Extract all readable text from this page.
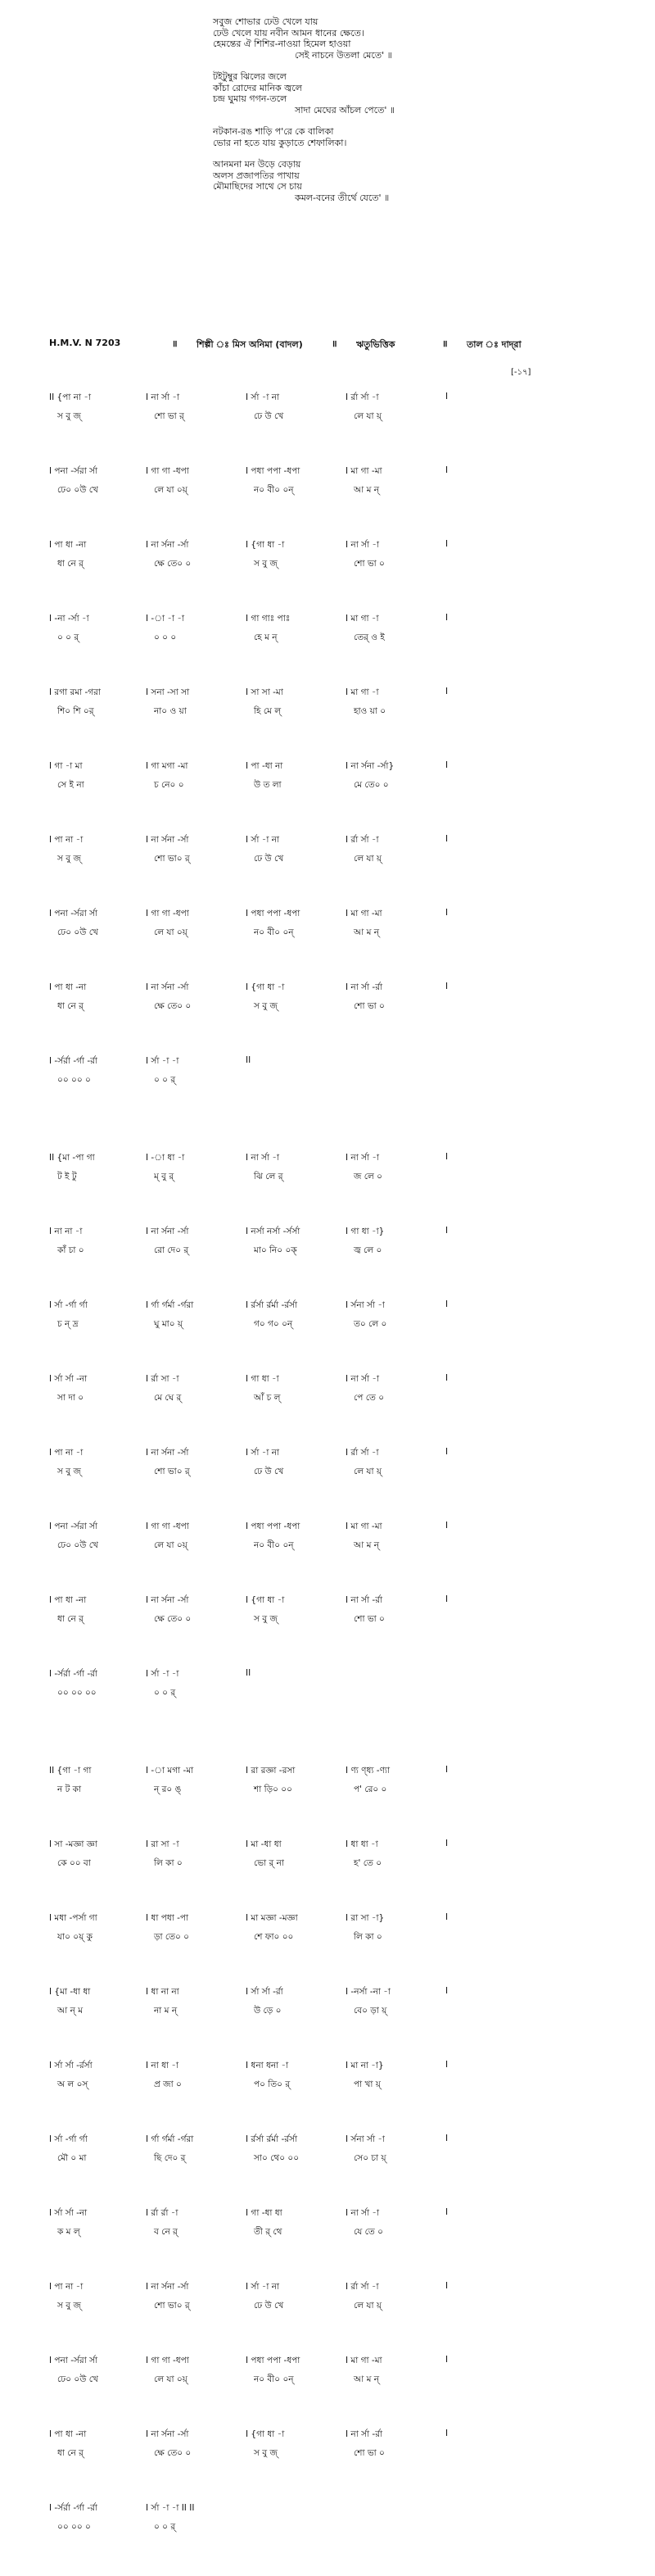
সবুজ শোভার ঢেউ খেলে যায়
ঢেউ খেলে যায় নবীন আমন ধানের ক্ষেতে।
হেমন্তের ঐ শিশির-নাওয়া হিমেল হাওয়া
সেই নাচনে উতলা মেতে' ॥
টইটুম্বুর ঝিলের জলে
কাঁচা রোদের মানিক জ্বলে
চন্দ্র ঘুমায় গগন-তলে
সাদা মেঘের আঁচল পেতে' ॥
নটকান-রঙ শাড়ি প'রে কে বালিকা
ভোর না হতে যায় কুড়াতে শেফালিকা।
আনমনা মন উড়ে বেড়ায়
অলস প্রজাপতির পাখায়
মৌমাছিদের সাথে সে চায়
কমল-বনের তীর্থে যেতে' ॥
H.M.V. N 7203	॥ শিল্পী ঃ মিস অনিমা (বাদল)	॥ ঋতুভিত্তিক	॥ তাল ঃ দাদ্‌রা
[-১৭]
II {পা না -া	I না র্সা -া	I র্সা -া না	I র্রা র্সা -া	I
স বু জ্	শো ভা র্	ঢে উ খে	লে যা য়্
I পনা -র্সরা র্সা	I গা গা -ধপা	I পধা পপা -ধপা	I মা গা -মা	I
ঢে০ ০উ খে	লে যা ০য়্	ন০ বী০ ০ন্	আ ম ন্
I পা ধা -না	I না র্সনা -র্সা	I {গা ধা -া	I না র্সা -া	I
ধা নে র্	ক্ষে তে০ ০	স বু জ্	শো ভা ০
I -না -র্সা -া	I -া -া -া	I গা গাঃ পাঃ	I মা গা -া	I
০ ০ র্	০ ০ ০	হে ম ন্	তের্ ও ই
I রগা রমা -গরা	I সনা -সা সা	I সা সা -মা	I মা গা -া	I
শি০ শি ০র্	না০ ও য়া	হি মে ল্	হাও য়া ০
I গা -া মা	I গা মগা -মা	I পা -ধা না	I না র্সনা -র্সা}	I
সে ই না	চ নে০ ০	উ ত লা	মে তে০ ০
I পা না -া	I না র্সনা -র্সা	I র্সা -া না	I র্রা র্সা -া	I
স বু জ্	শো ভা০ র্	ঢে উ খে	লে যা য়্
I পনা -র্সরা র্সা	I গা গা -ধপা	I পধা পপা -ধপা	I মা গা -মা	I
ঢে০ ০উ খে	লে যা ০য়্	ন০ বী০ ০ন্	আ ম ন্
I পা ধা -না	I না র্সনা -র্সা	I {গা ধা -া	I না র্সা -র্রা	I
ধা নে র্	ক্ষে তে০ ০	স বু জ্	শো ভা ০
I -র্সর্রা -র্গা -র্রা	I র্সা -া -া	II
০০ ০০ ০	০ ০ র্
II {মা -পা গা	I -া ধা -া	I না র্সা -া	I না র্সা -া	I
ট ই টু	ম্ বু র্	ঝি লে র্	জ লে ০
I না না -া	I না র্সনা -র্সা	I নর্সা নর্সা -র্সর্সা	I গা ধা -া}	I
কাঁ চা ০	রো দে০ র্	মা০ নি০ ০ক্	জ্ব লে ০
I র্সা -র্গা র্গা	I র্গা র্গর্মা -র্গরা	I র্রর্সা র্রর্মা -র্রর্সা	I র্সনা র্সা -া	I
চ ন্ দ্র	ঘু মা০ য়্	গ০ গ০ ০ন্	ত০ লে ০
I র্সা র্সা -না	I র্রা সা -া	I গা ধা -া	I না র্সা -া	I
সা দা ০	মে ঘে র্	আঁ চ ল্	পে তে ০
I পা না -া	I না র্সনা -র্সা	I র্সা -া না	I র্রা র্সা -া	I
স বু জ্	শো ভা০ র্	ঢে উ খে	লে যা য়্
I পনা -র্সরা র্সা	I গা গা -ধপা	I পধা পপা -ধপা	I মা গা -মা	I
ঢে০ ০উ খে	লে যা ০য়্	ন০ বী০ ০ন্	আ ম ন্
I পা ধা -না	I না র্সনা -র্সা	I {গা ধা -া	I না র্সা -র্রা	I
ধা নে র্	ক্ষে তে০ ০	স বু জ্	শো ভা ০
I -র্সর্রা -র্গা -র্রা	I র্সা -া -া	II
০০ ০০ ০০	০ ০ র্
II {গা -া গা	I -া মগা -মা	I রা রজ্ঞা -রসা	I ণ্য ণ্ধ্য -ণ্যা	I
ন ট কা	ন্ র০ ঙ্	শা ড়ি০ ০০	প' রে০ ০
I সা -মজ্ঞা জ্ঞা	I রা সা -া	I মা -ধা ধা	I ধা ধা -া	I
কে ০০ বা	লি কা ০	ভো র্ না	হ' তে ০
I মধা -পর্সা গা	I ধা পধা -পা	I মা মজ্ঞা -মজ্ঞা	I রা সা -া}	I
যা০ ০য়্ কু	ড়া তে০ ০	শে ফা০ ০০	লি কা ০
I {মা -ধা ধা	I ধা না না	I র্সা র্সা -র্রা	I -নর্সা -না -া	I
আ ন্ ম	না ম ন্	উ ড়ে ০	বে০ ড়া য়্
I র্সা র্সা -র্রর্সা	I না ধা -া	I ধনা ধনা -া	I মা না -া}	I
অ ল ০স্	প্র জা ০	প০ তি০ র্	পা খা য়্
I র্সা -র্গা র্গা	I র্গা র্গর্মা -র্গরা	I র্রর্সা র্রর্মা -র্রর্সা	I র্সনা র্সা -া	I
মৌ ০ মা	ছি দে০ র্	সা০ থে০ ০০	সে০ চা য়্
I র্সা র্সা -না	I র্রা র্রা -া	I গা -ধা ধা	I না র্সা -া	I
ক ম ল্	ব নে র্	তী র্ থে	যে তে ০
I পা না -া	I না র্সনা -র্সা	I র্সা -া না	I র্রা র্সা -া	I
স বু জ্	শো ভা০ র্	ঢে উ খে	লে যা য়্
I পনা -র্সরা র্সা	I গা গা -ধপা	I পধা পপা -ধপা	I মা গা -মা	I
ঢে০ ০উ খে	লে যা ০য়্	ন০ বী০ ০ন্	আ ম ন্
I পা ধা -না	I না র্সনা -র্সা	I {গা ধা -া	I না র্সা -র্রা	I
ধা নে র্	ক্ষে তে০ ০	স বু জ্	শো ভা ০
I -র্সর্রা -র্গা -র্রা	I র্সা -া -া II II
০০ ০০ ০	০ ০ র্
